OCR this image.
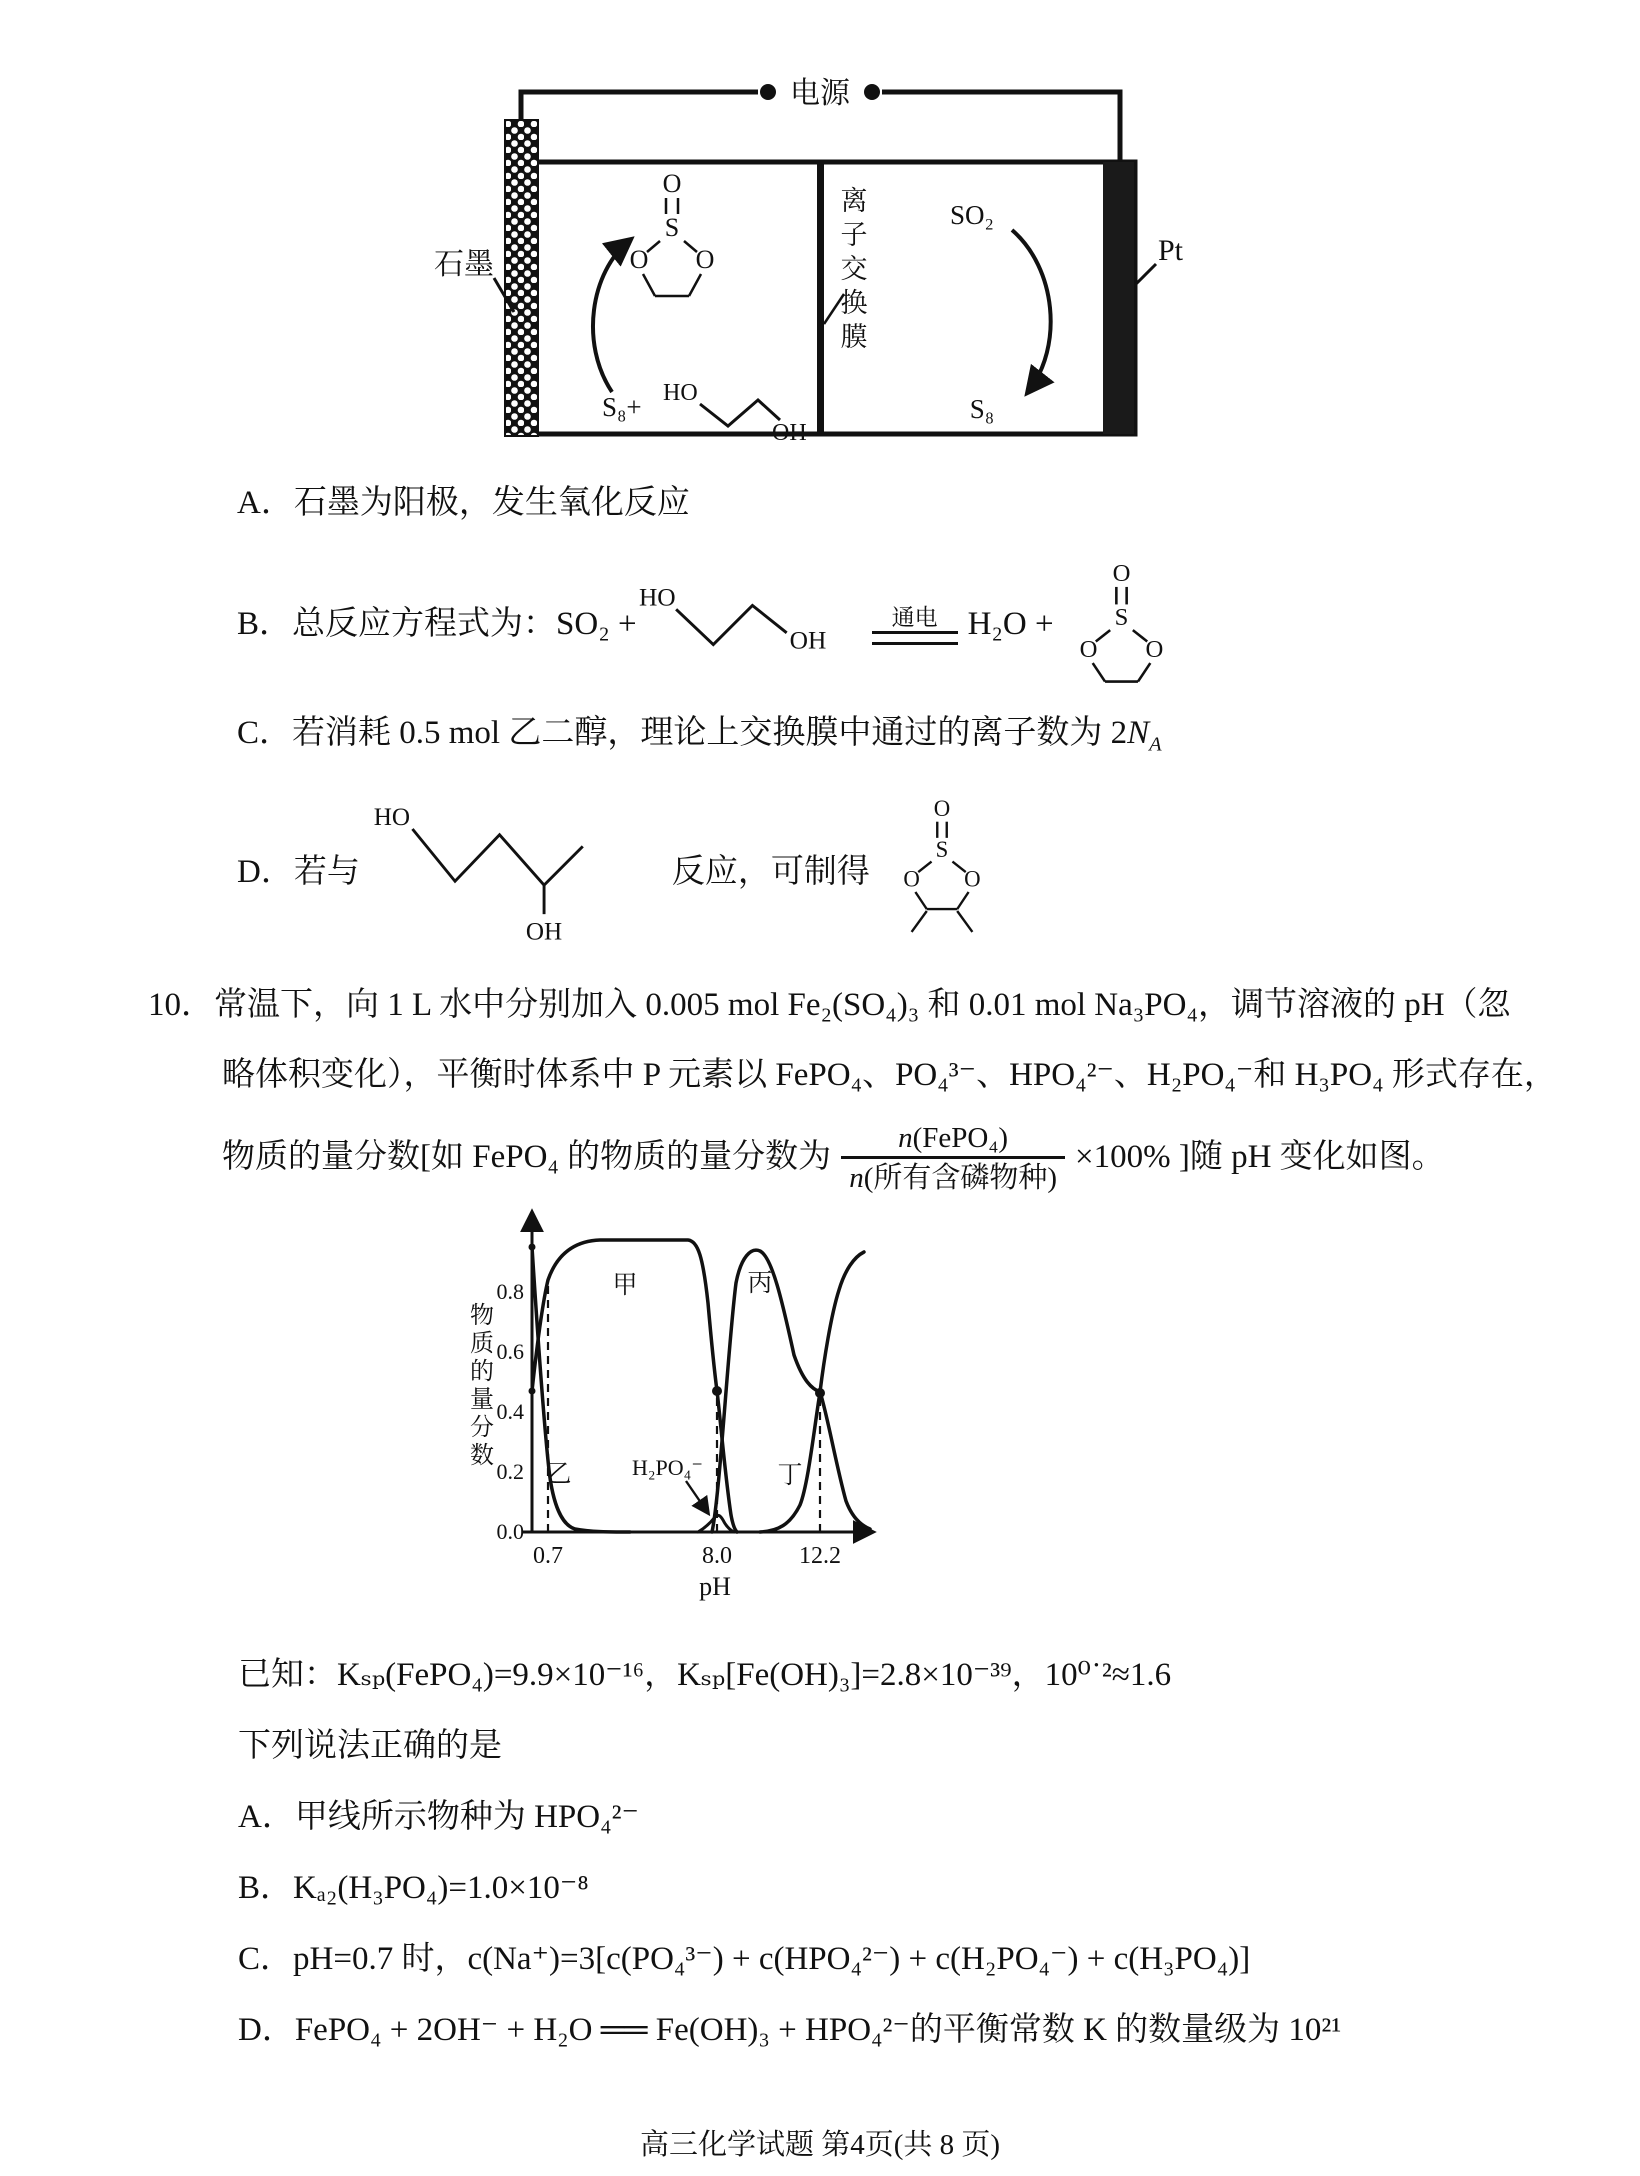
电源
离
子
交
换
膜
石墨	Pt
O
S
O O
S₈+ HO
OH
SO₂
S₈
A．石墨为阳极，发生氧化反应
B． 总反应方程式为：SO₂ +
HO
OH
通电 H₂O +
O
S
O O
C．若消耗 0.5 mol 乙二醇，理论上交换膜中通过的离子数为 $2N_A$
D． 若与
HO
OH
反应，可制得
O
S
O O
10．常温下，向 1 L 水中分别加入 0.005 mol Fe₂(SO₄)₃ 和 0.01 mol Na₃PO₄，调节溶液的 pH（忽
略体积变化），平衡时体系中 P 元素以 FePO₄、PO₄³⁻、HPO₄²⁻、H₂PO₄⁻和 H₃PO₄ 形式存在，
物质的量分数[如 FePO₄ 的物质的量分数为 $\frac{\text{n(FePO₄)}}{\text{n(所有含磷物种)}} \times 100\%$ ]随 pH 变化如图。
0.0
0.2
0.4
0.6
0.8
物
质
的
量
分
数
甲
乙
丙
丁
H₂PO₄⁻
0.7	8.0	12.2
pH
已知：Kₛₚ(FePO₄)=9.9×10⁻¹⁶，Kₛₚ[Fe(OH)₃]=2.8×10⁻³⁹，10⁰˙²≈1.6
下列说法正确的是
A．甲线所示物种为 HPO₄²⁻
B．Kₐ₂(H₃PO₄)=1.0×10⁻⁸
C．pH=0.7 时，c(Na⁺)=3[c(PO₄³⁻) + c(HPO₄²⁻) + c(H₂PO₄⁻) + c(H₃PO₄)]
D．FePO₄ + 2OH⁻ + H₂O ══ Fe(OH)₃ + HPO₄²⁻的平衡常数 K 的数量级为 10²¹
高三化学试题 第4页(共 8 页)
